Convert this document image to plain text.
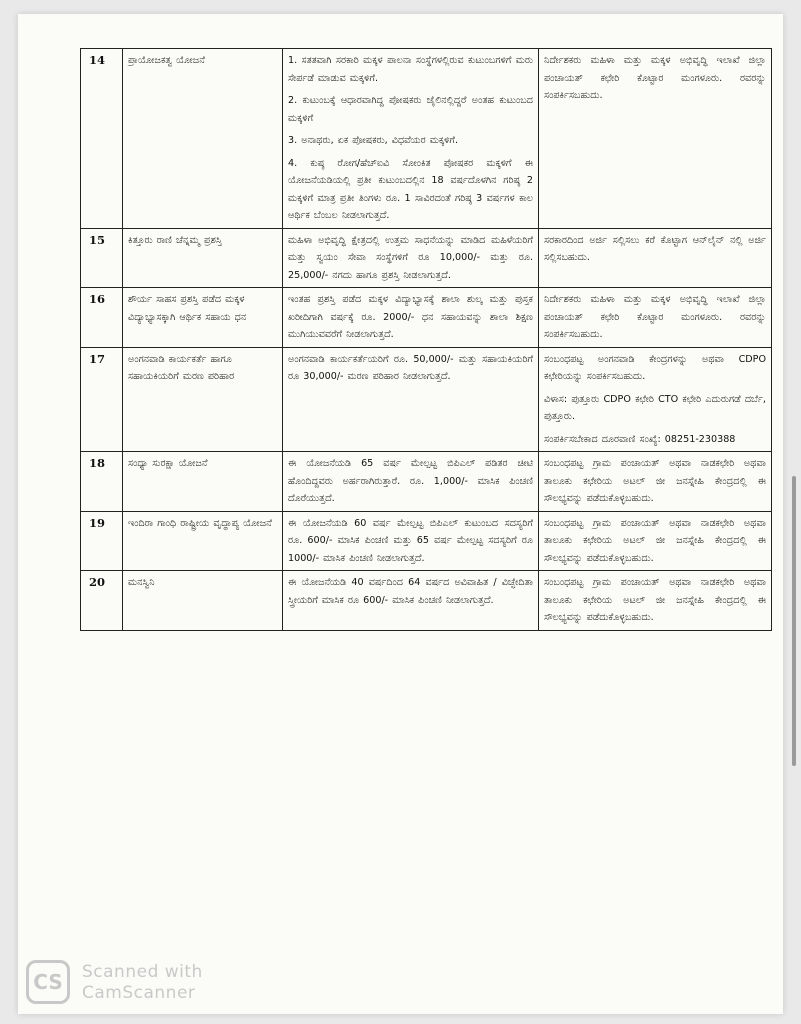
14	ಪ್ರಾಯೋಜಕತ್ವ ಯೋಜನೆ	1. ಸತತವಾಗಿ ಸರಕಾರಿ ಮಕ್ಕಳ ಪಾಲನಾ ಸಂಸ್ಥೆಗಳಲ್ಲಿರುವ ಕುಟುಂಬಗಳಿಗೆ ಮರು ಸೇರ್ಪಡೆ ಮಾಡುವ ಮಕ್ಕಳಿಗೆ.
2. ಕುಟುಂಬಕ್ಕೆ ಆಧಾರವಾಗಿದ್ದ ಪೋಷಕರು ಜೈಲಿನಲ್ಲಿದ್ದರೆ ಅಂತಹ ಕುಟುಂಬದ ಮಕ್ಕಳಿಗೆ
3. ಅನಾಥರು, ಏಕ ಪೋಷಕರು, ವಿಧವೆಯರ ಮಕ್ಕಳಿಗೆ.
4. ಕುಷ್ಠ ರೋಗ/ಹೆಚ್‌ಐವಿ ಸೋಂಕಿತ ಪೋಷಕರ ಮಕ್ಕಳಿಗೆ ಈ ಯೋಜನೆಯಡಿಯಲ್ಲಿ ಪ್ರತೀ ಕುಟುಂಬದಲ್ಲಿನ 18 ವರ್ಷದೊಳಗಿನ ಗರಿಷ್ಠ 2 ಮಕ್ಕಳಿಗೆ ಮಾತ್ರ ಪ್ರತೀ ತಿಂಗಳು ರೂ. 1 ಸಾವಿರದಂತೆ ಗರಿಷ್ಠ 3 ವರ್ಷಗಳ ಕಾಲ ಆರ್ಥಿಕ ಬೆಂಬಲ ನೀಡಲಾಗುತ್ತದೆ.	ನಿರ್ದೇಶಕರು ಮಹಿಳಾ ಮತ್ತು ಮಕ್ಕಳ ಅಭಿವೃದ್ಧಿ ಇಲಾಖೆ ಜಿಲ್ಲಾ ಪಂಚಾಯತ್ ಕಛೇರಿ ಕೊಟ್ಟಾರ ಮಂಗಳೂರು. ರವರನ್ನು ಸಂಪರ್ಕಿಸಬಹುದು.

15	ಕಿತ್ತೂರು ರಾಣಿ ಚೆನ್ನಮ್ಮ ಪ್ರಶಸ್ತಿ	ಮಹಿಳಾ ಅಭಿವೃದ್ಧಿ ಕ್ಷೇತ್ರದಲ್ಲಿ ಉತ್ತಮ ಸಾಧನೆಯನ್ನು ಮಾಡಿದ ಮಹಿಳೆಯರಿಗೆ ಮತ್ತು ಸ್ವಯಂ ಸೇವಾ ಸಂಸ್ಥೆಗಳಿಗೆ ರೂ 10,000/- ಮತ್ತು ರೂ. 25,000/- ನಗದು ಹಾಗೂ ಪ್ರಶಸ್ತಿ ನೀಡಲಾಗುತ್ತದೆ.	ಸರಕಾರದಿಂದ ಅರ್ಜಿ ಸಲ್ಲಿಸಲು ಕರೆ ಕೊಟ್ಟಾಗ ಆನ್‌ಲೈನ್ ನಲ್ಲಿ ಅರ್ಜಿ ಸಲ್ಲಿಸಬಹುದು.

16	ಶೌರ್ಯ ಸಾಹಸ ಪ್ರಶಸ್ತಿ ಪಡೆದ ಮಕ್ಕಳ ವಿದ್ಯಾಭ್ಯಾಸಕ್ಕಾಗಿ ಆರ್ಥಿಕ ಸಹಾಯ ಧನ	ಇಂತಹ ಪ್ರಶಸ್ತಿ ಪಡೆದ ಮಕ್ಕಳ ವಿದ್ಯಾಭ್ಯಾಸಕ್ಕೆ ಶಾಲಾ ಶುಲ್ಕ ಮತ್ತು ಪುಸ್ತಕ ಖರೀದಿಗಾಗಿ ವರ್ಷಕ್ಕೆ ರೂ. 2000/- ಧನ ಸಹಾಯವನ್ನು ಶಾಲಾ ಶಿಕ್ಷಣ ಮುಗಿಯುವವರೆಗೆ ನೀಡಲಾಗುತ್ತದೆ.	ನಿರ್ದೇಶಕರು ಮಹಿಳಾ ಮತ್ತು ಮಕ್ಕಳ ಅಭಿವೃದ್ಧಿ ಇಲಾಖೆ ಜಿಲ್ಲಾ ಪಂಚಾಯತ್ ಕಛೇರಿ ಕೊಟ್ಟಾರ ಮಂಗಳೂರು. ರವರನ್ನು ಸಂಪರ್ಕಿಸಬಹುದು.

17	ಅಂಗನವಾಡಿ ಕಾರ್ಯಕರ್ತೆ ಹಾಗೂ ಸಹಾಯಕಿಯರಿಗೆ ಮರಣ ಪರಿಹಾರ	ಅಂಗನವಾಡಿ ಕಾರ್ಯಕರ್ತೆಯರಿಗೆ ರೂ. 50,000/- ಮತ್ತು ಸಹಾಯಕಿಯರಿಗೆ ರೂ 30,000/- ಮರಣ ಪರಿಹಾರ ನೀಡಲಾಗುತ್ತದೆ.	ಸಂಬಂಧಪಟ್ಟ ಅಂಗನವಾಡಿ ಕೇಂದ್ರಗಳನ್ನು ಅಥವಾ CDPO ಕಛೇರಿಯನ್ನು ಸಂಪರ್ಕಿಸಬಹುದು.
ವಿಳಾಸ: ಪುತ್ತೂರು CDPO ಕಛೇರಿ CTO ಕಛೇರಿ ಎದುರುಗಡೆ ದರ್ಬೆ, ಪುತ್ತೂರು.
ಸಂಪರ್ಕಿಸಬೇಕಾದ ದೂರವಾಣಿ ಸಂಖ್ಯೆ: 08251-230388

18	ಸಂಧ್ಯಾ ಸುರಕ್ಷಾ ಯೋಜನೆ	ಈ ಯೋಜನೆಯಡಿ 65 ವರ್ಷ ಮೇಲ್ಪಟ್ಟ ಬಿಪಿಎಲ್ ಪಡಿತರ ಚೀಟಿ ಹೊಂದಿದ್ದವರು ಅರ್ಹರಾಗಿರುತ್ತಾರೆ. ರೂ. 1,000/- ಮಾಸಿಕ ಪಿಂಚಣಿ ದೊರೆಯುತ್ತದೆ.	ಸಂಬಂಧಪಟ್ಟ ಗ್ರಾಮ ಪಂಚಾಯತ್ ಅಥವಾ ನಾಡಕಛೇರಿ ಅಥವಾ ತಾಲೂಕು ಕಛೇರಿಯ ಅಟಲ್ ಜೀ ಜನಸ್ನೇಹಿ ಕೇಂದ್ರದಲ್ಲಿ ಈ ಸೌಲಭ್ಯವನ್ನು ಪಡೆದುಕೊಳ್ಳಬಹುದು.

19	ಇಂದಿರಾ ಗಾಂಧಿ ರಾಷ್ಟ್ರೀಯ ವೃದ್ಧಾಪ್ಯ ಯೋಜನೆ	ಈ ಯೋಜನೆಯಡಿ 60 ವರ್ಷ ಮೇಲ್ಪಟ್ಟ ಬಿಪಿಎಲ್ ಕುಟುಂಬದ ಸದಸ್ಯರಿಗೆ ರೂ. 600/- ಮಾಸಿಕ ಪಿಂಚಣಿ ಮತ್ತು 65 ವರ್ಷ ಮೇಲ್ಪಟ್ಟ ಸದಸ್ಯರಿಗೆ ರೂ 1000/- ಮಾಸಿಕ ಪಿಂಚಣಿ ನೀಡಲಾಗುತ್ತದೆ.	ಸಂಬಂಧಪಟ್ಟ ಗ್ರಾಮ ಪಂಚಾಯತ್ ಅಥವಾ ನಾಡಕಛೇರಿ ಅಥವಾ ತಾಲೂಕು ಕಛೇರಿಯ ಅಟಲ್ ಜೀ ಜನಸ್ನೇಹಿ ಕೇಂದ್ರದಲ್ಲಿ ಈ ಸೌಲಭ್ಯವನ್ನು ಪಡೆದುಕೊಳ್ಳಬಹುದು.

20	ಮನಸ್ವಿನಿ	ಈ ಯೋಜನೆಯಡಿ 40 ವರ್ಷದಿಂದ 64 ವರ್ಷದ ಅವಿವಾಹಿತ / ವಿಚ್ಛೇದಿತಾ ಸ್ತ್ರೀಯರಿಗೆ ಮಾಸಿಕ ರೂ 600/- ಮಾಸಿಕ ಪಿಂಚಣಿ ನೀಡಲಾಗುತ್ತದೆ.	ಸಂಬಂಧಪಟ್ಟ ಗ್ರಾಮ ಪಂಚಾಯತ್ ಅಥವಾ ನಾಡಕಛೇರಿ ಅಥವಾ ತಾಲೂಕು ಕಛೇರಿಯ ಅಟಲ್ ಜೀ ಜನಸ್ನೇಹಿ ಕೇಂದ್ರದಲ್ಲಿ ಈ ಸೌಲಭ್ಯವನ್ನು ಪಡೆದುಕೊಳ್ಳಬಹುದು.
CS Scanned with
CamScanner
